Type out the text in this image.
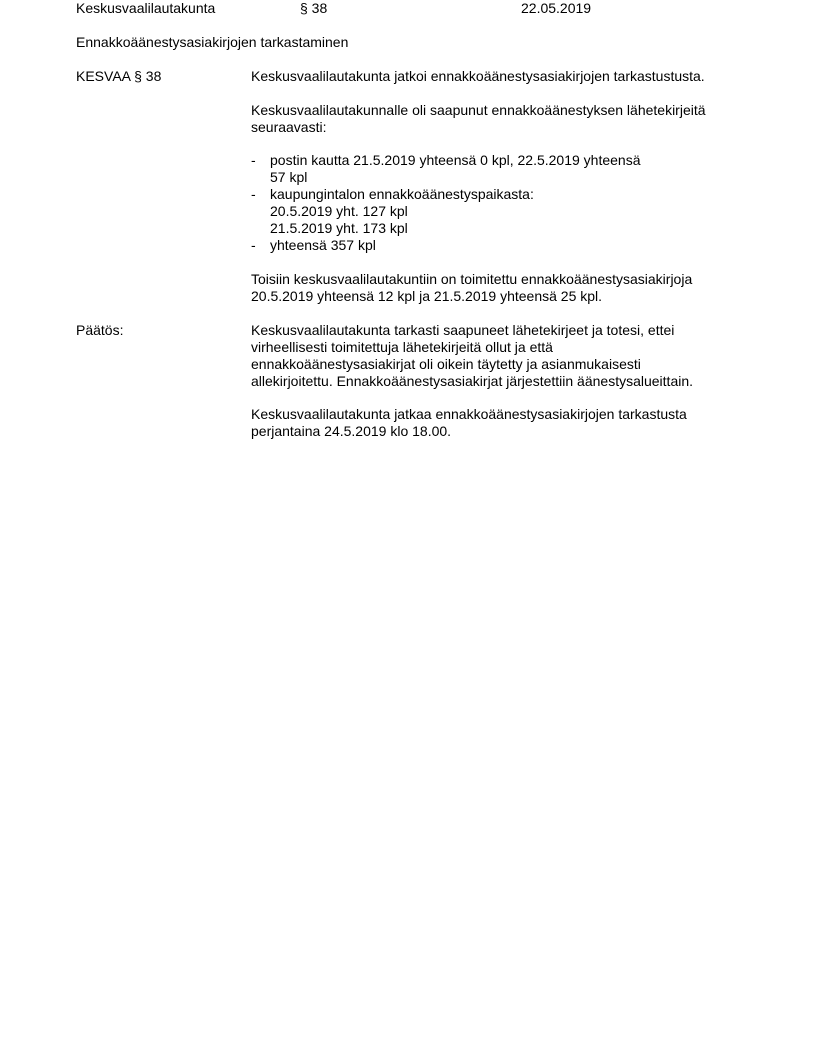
Keskusvaalilautakunta	§ 38	22.05.2019
Ennakkoäänestysasiakirjojen tarkastaminen
KESVAA § 38	Keskusvaalilautakunta jatkoi ennakkoäänestysasiakirjojen tarkastustusta.

Keskusvaalilautakunnalle oli saapunut ennakkoäänestyksen lähetekirjeitä
seuraavasti:

- postin kautta 21.5.2019 yhteensä 0 kpl, 22.5.2019 yhteensä
57 kpl
- kaupungintalon ennakkoäänestyspaikasta:
20.5.2019 yht. 127 kpl
21.5.2019 yht. 173 kpl
- yhteensä 357 kpl

Toisiin keskusvaalilautakuntiin on toimitettu ennakkoäänestysasiakirjoja
20.5.2019 yhteensä 12 kpl ja 21.5.2019 yhteensä 25 kpl.

Päätös:	Keskusvaalilautakunta tarkasti saapuneet lähetekirjeet ja totesi, ettei
virheellisesti toimitettuja lähetekirjeitä ollut ja että
ennakkoäänestysasiakirjat oli oikein täytetty ja asianmukaisesti
allekirjoitettu. Ennakkoäänestysasiakirjat järjestettiin äänestysalueittain.

Keskusvaalilautakunta jatkaa ennakkoäänestysasiakirjojen tarkastusta
perjantaina 24.5.2019 klo 18.00.
